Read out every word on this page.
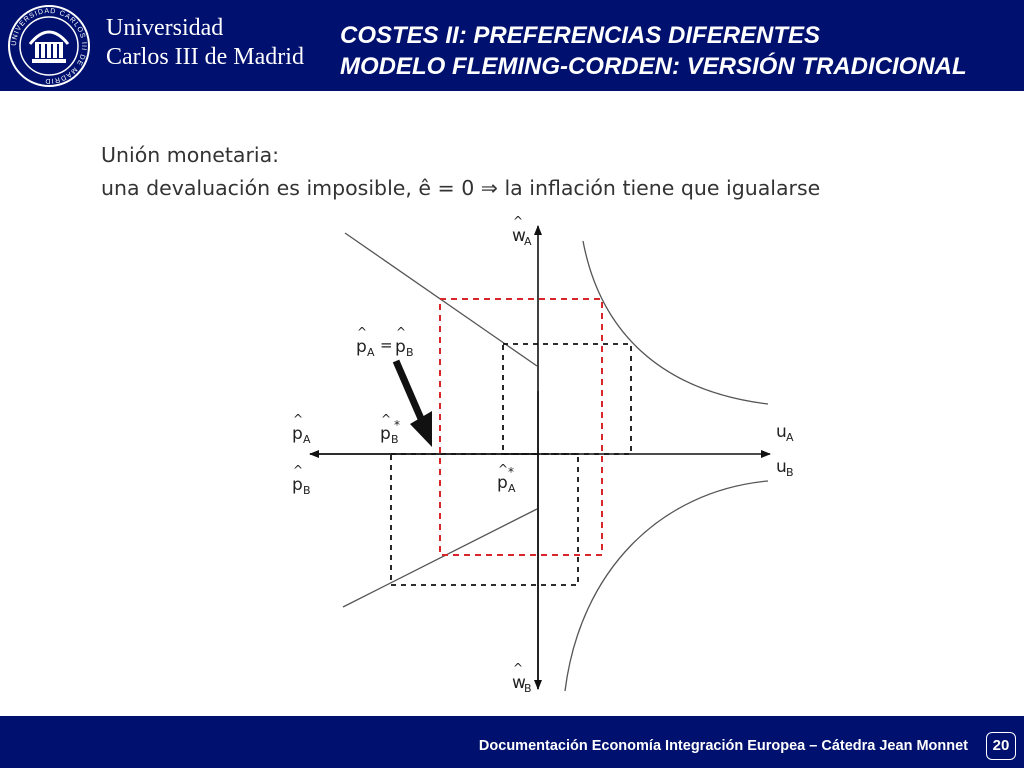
UNIVERSIDAD CARLOS III DE MADRID
Universidad
Carlos III de Madrid
COSTES II: PREFERENCIAS DIFERENTES
MODELO FLEMING-CORDEN: VERSIÓN TRADICIONAL
Unión monetaria:
una devaluación es imposible, ê = 0 ⇒ la inflación tiene que igualarse
^
w
A
^
w
B
u A
u B
^
p A
^
p B
^
p A =
^
p B
^
p B
*
^
p A
*
Documentación Economía Integración Europea – Cátedra Jean Monnet	20
